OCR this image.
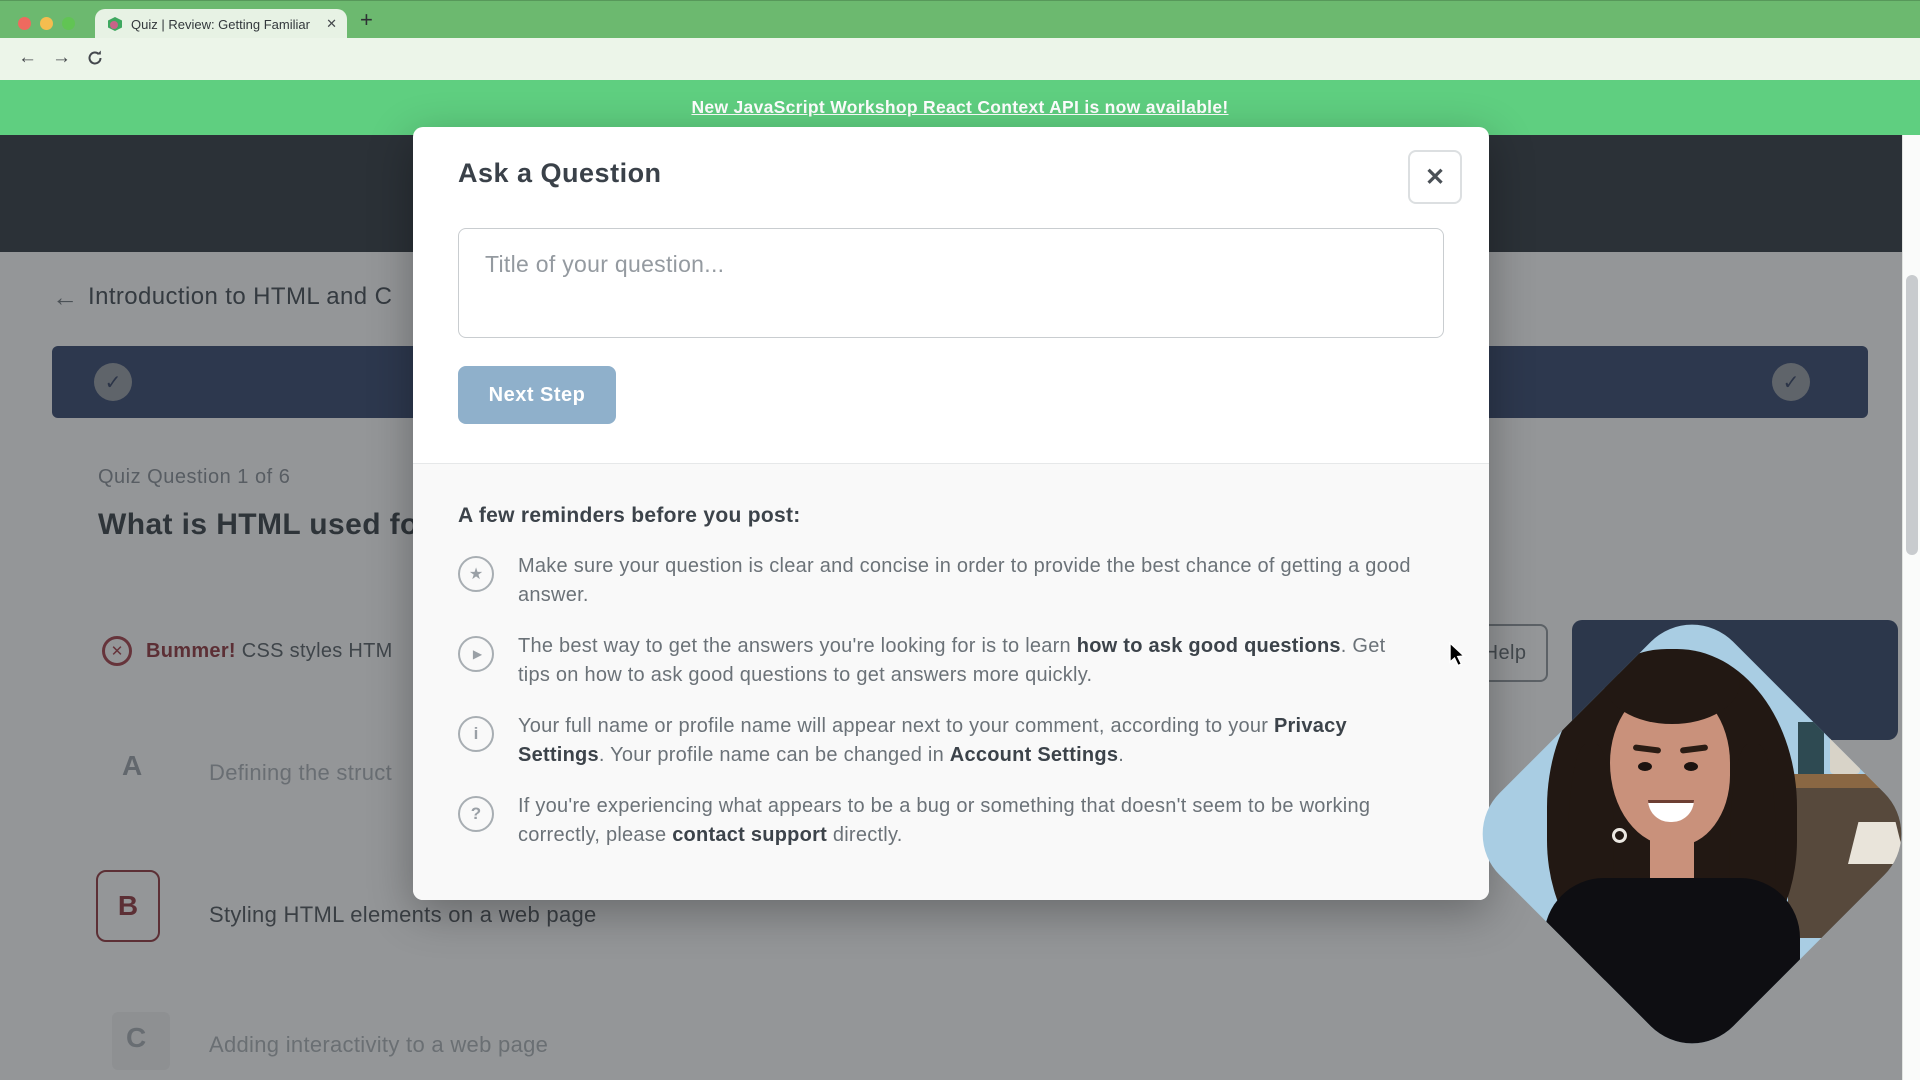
Quiz | Review: Getting Familiar	✕ +
← →
New JavaScript Workshop React Context API is now available!
Ask a Question	✕
Title of your question...
Next Step
A few reminders before you post:
★	Make sure your question is clear and concise in order to provide the best chance of getting a good answer.

▶	The best way to get the answers you're looking for is to learn how to ask good questions. Get tips on how to ask good questions to get answers more quickly.

i	Your full name or profile name will appear next to your comment, according to your Privacy Settings. Your profile name can be changed in Account Settings.

?	If you're experiencing what appears to be a bug or something that doesn't seem to be working correctly, please contact support directly.
